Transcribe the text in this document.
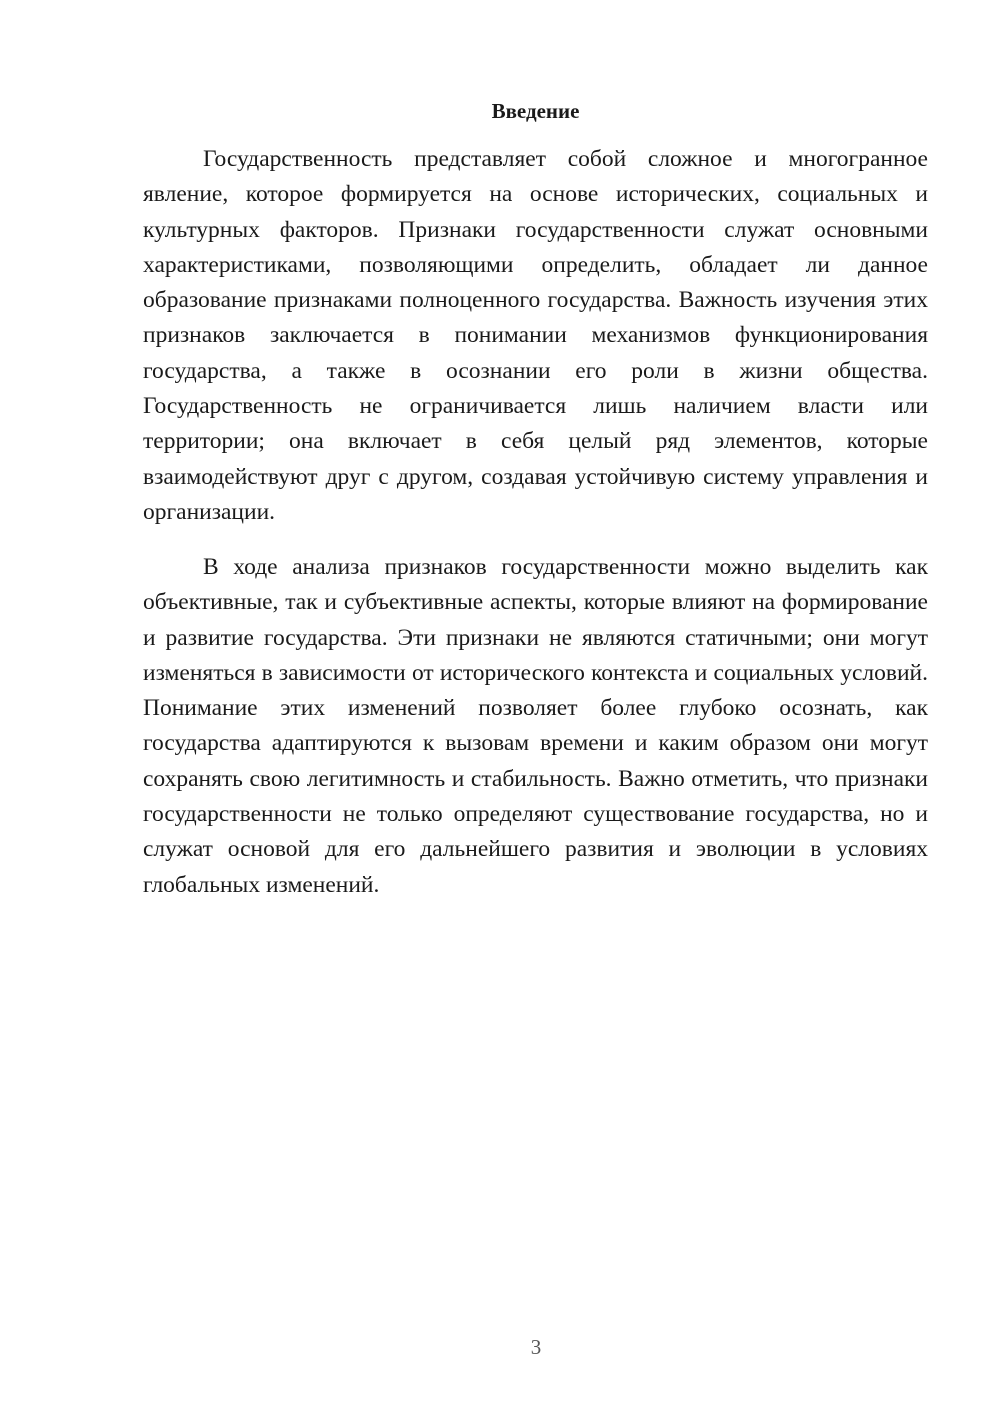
Введение

Государственность представляет собой сложное и многогранное явление, которое формируется на основе исторических, социальных и культурных факторов. Признаки государственности служат основными характеристиками, позволяющими определить, обладает ли данное образование признаками полноценного государства. Важность изучения этих признаков заключается в понимании механизмов функционирования государства, а также в осознании его роли в жизни общества. Государственность не ограничивается лишь наличием власти или территории; она включает в себя целый ряд элементов, которые взаимодействуют друг с другом, создавая устойчивую систему управления и организации.

В ходе анализа признаков государственности можно выделить как объективные, так и субъективные аспекты, которые влияют на формирование и развитие государства. Эти признаки не являются статичными; они могут изменяться в зависимости от исторического контекста и социальных условий. Понимание этих изменений позволяет более глубоко осознать, как государства адаптируются к вызовам времени и каким образом они могут сохранять свою легитимность и стабильность. Важно отметить, что признаки государственности не только определяют существование государства, но и служат основой для его дальнейшего развития и эволюции в условиях глобальных изменений.

3
